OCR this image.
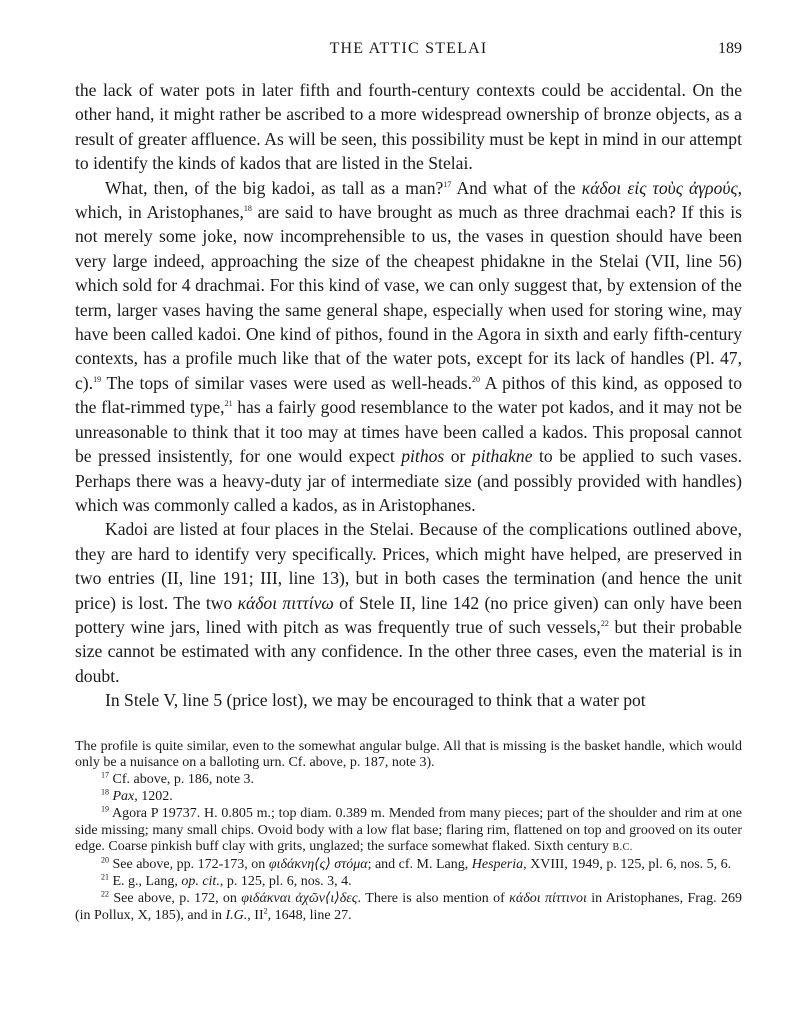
THE ATTIC STELAI	189

the lack of water pots in later fifth and fourth-century contexts could be accidental. On the other hand, it might rather be ascribed to a more widespread ownership of bronze objects, as a result of greater affluence. As will be seen, this possibility must be kept in mind in our attempt to identify the kinds of kados that are listed in the Stelai.

What, then, of the big kadoi, as tall as a man?$^{17}$ And what of the κάδοι εἰς τοὺς ἀγρούς, which, in Aristophanes,$^{18}$ are said to have brought as much as three drachmai each? If this is not merely some joke, now incomprehensible to us, the vases in question should have been very large indeed, approaching the size of the cheapest phidakne in the Stelai (VII, line 56) which sold for 4 drachmai. For this kind of vase, we can only suggest that, by extension of the term, larger vases having the same general shape, especially when used for storing wine, may have been called kadoi. One kind of pithos, found in the Agora in sixth and early fifth-century contexts, has a profile much like that of the water pots, except for its lack of handles (Pl. 47, c).$^{19}$ The tops of similar vases were used as well-heads.$^{20}$ A pithos of this kind, as opposed to the flat-rimmed type,$^{21}$ has a fairly good resemblance to the water pot kados, and it may not be unreasonable to think that it too may at times have been called a kados. This proposal cannot be pressed insistently, for one would expect pithos or pithakne to be applied to such vases. Perhaps there was a heavy-duty jar of intermediate size (and possibly provided with handles) which was commonly called a kados, as in Aristophanes.

Kadoi are listed at four places in the Stelai. Because of the complications outlined above, they are hard to identify very specifically. Prices, which might have helped, are preserved in two entries (II, line 191; III, line 13), but in both cases the termination (and hence the unit price) is lost. The two κάδοι πιττίνω of Stele II, line 142 (no price given) can only have been pottery wine jars, lined with pitch as was frequently true of such vessels,$^{22}$ but their probable size cannot be estimated with any confidence. In the other three cases, even the material is in doubt.

In Stele V, line 5 (price lost), we may be encouraged to think that a water pot

The profile is quite similar, even to the somewhat angular bulge. All that is missing is the basket handle, which would only be a nuisance on a balloting urn. Cf. above, p. 187, note 3).

$^{17}$ Cf. above, p. 186, note 3.

$^{18}$ Pax, 1202.

$^{19}$ Agora P 19737. H. 0.805 m.; top diam. 0.389 m. Mended from many pieces; part of the shoulder and rim at one side missing; many small chips. Ovoid body with a low flat base; flaring rim, flattened on top and grooved on its outer edge. Coarse pinkish buff clay with grits, unglazed; the surface somewhat flaked. Sixth century B.C.

$^{20}$ See above, pp. 172-173, on φιδάκνη⟨ς⟩ στόμα; and cf. M. Lang, Hesperia, XVIII, 1949, p. 125, pl. 6, nos. 5, 6.

$^{21}$ E. g., Lang, op. cit., p. 125, pl. 6, nos. 3, 4.

$^{22}$ See above, p. 172, on φιδάκναι ἀχῶν⟨ι⟩δες. There is also mention of κάδοι πίττινοι in Aristophanes, Frag. 269 (in Pollux, X, 185), and in I.G., $II^2$, 1648, line 27.
